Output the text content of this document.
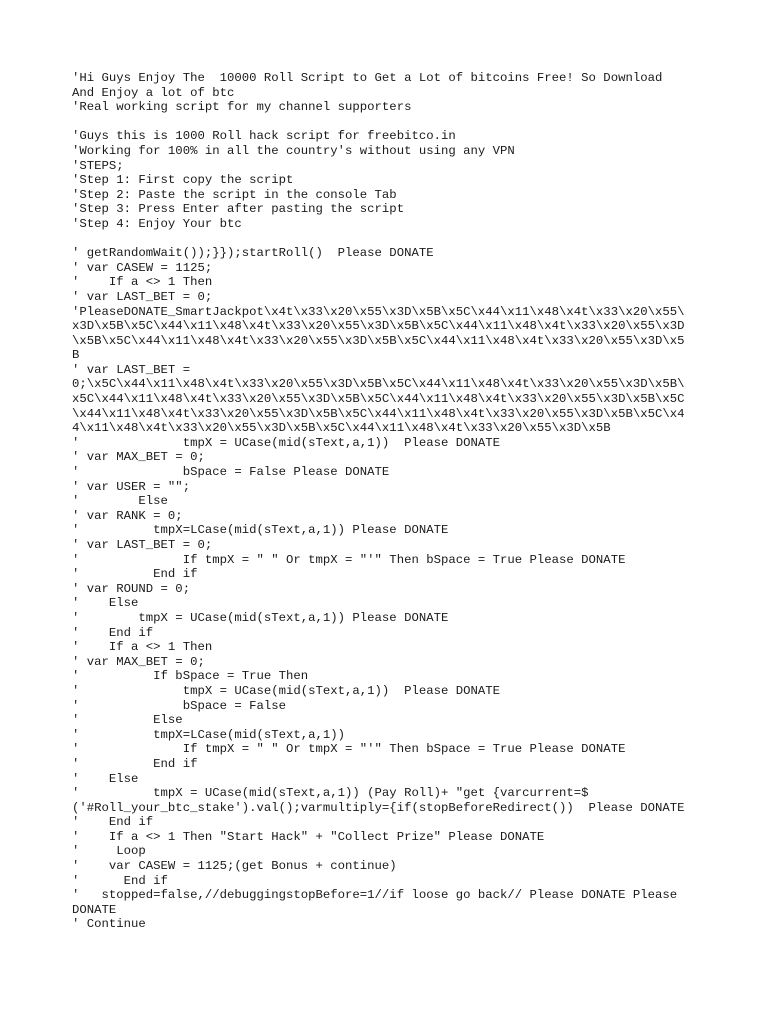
'Hi Guys Enjoy The  10000 Roll Script to Get a Lot of bitcoins Free! So Download
And Enjoy a lot of btc
'Real working script for my channel supporters
'Guys this is 1000 Roll hack script for freebitco.in
'Working for 100% in all the country's without using any VPN
'STEPS;
'Step 1: First copy the script
'Step 2: Paste the script in the console Tab
'Step 3: Press Enter after pasting the script
'Step 4: Enjoy Your btc
' getRandomWait());}});startRoll()  Please DONATE
' var CASEW = 1125;
'    If a <> 1 Then
' var LAST_BET = 0;
'PleaseDONATE_SmartJackpot\x4t\x33\x20\x55\x3D\x5B\x5C\x44\x11\x48\x4t\x33\x20\x55\
x3D\x5B\x5C\x44\x11\x48\x4t\x33\x20\x55\x3D\x5B\x5C\x44\x11\x48\x4t\x33\x20\x55\x3D
\x5B\x5C\x44\x11\x48\x4t\x33\x20\x55\x3D\x5B\x5C\x44\x11\x48\x4t\x33\x20\x55\x3D\x5
B
' var LAST_BET =
0;\x5C\x44\x11\x48\x4t\x33\x20\x55\x3D\x5B\x5C\x44\x11\x48\x4t\x33\x20\x55\x3D\x5B\
x5C\x44\x11\x48\x4t\x33\x20\x55\x3D\x5B\x5C\x44\x11\x48\x4t\x33\x20\x55\x3D\x5B\x5C
\x44\x11\x48\x4t\x33\x20\x55\x3D\x5B\x5C\x44\x11\x48\x4t\x33\x20\x55\x3D\x5B\x5C\x4
4\x11\x48\x4t\x33\x20\x55\x3D\x5B\x5C\x44\x11\x48\x4t\x33\x20\x55\x3D\x5B
'              tmpX = UCase(mid(sText,a,1))  Please DONATE
' var MAX_BET = 0;
'              bSpace = False Please DONATE
' var USER = "";
'        Else
' var RANK = 0;
'          tmpX=LCase(mid(sText,a,1)) Please DONATE
' var LAST_BET = 0;
'              If tmpX = " " Or tmpX = "'" Then bSpace = True Please DONATE
'          End if
' var ROUND = 0;
'    Else
'        tmpX = UCase(mid(sText,a,1)) Please DONATE
'    End if
'    If a <> 1 Then
' var MAX_BET = 0;
'          If bSpace = True Then
'              tmpX = UCase(mid(sText,a,1))  Please DONATE
'              bSpace = False
'          Else
'          tmpX=LCase(mid(sText,a,1))
'              If tmpX = " " Or tmpX = "'" Then bSpace = True Please DONATE
'          End if
'    Else
'          tmpX = UCase(mid(sText,a,1)) (Pay Roll)+ "get {varcurrent=$
('#Roll_your_btc_stake').val();varmultiply={if(stopBeforeRedirect())  Please DONATE
'    End if
'    If a <> 1 Then "Start Hack" + "Collect Prize" Please DONATE
'     Loop
'    var CASEW = 1125;(get Bonus + continue)
'      End if
'   stopped=false,//debuggingstopBefore=1//if loose go back// Please DONATE Please
DONATE
' Continue
